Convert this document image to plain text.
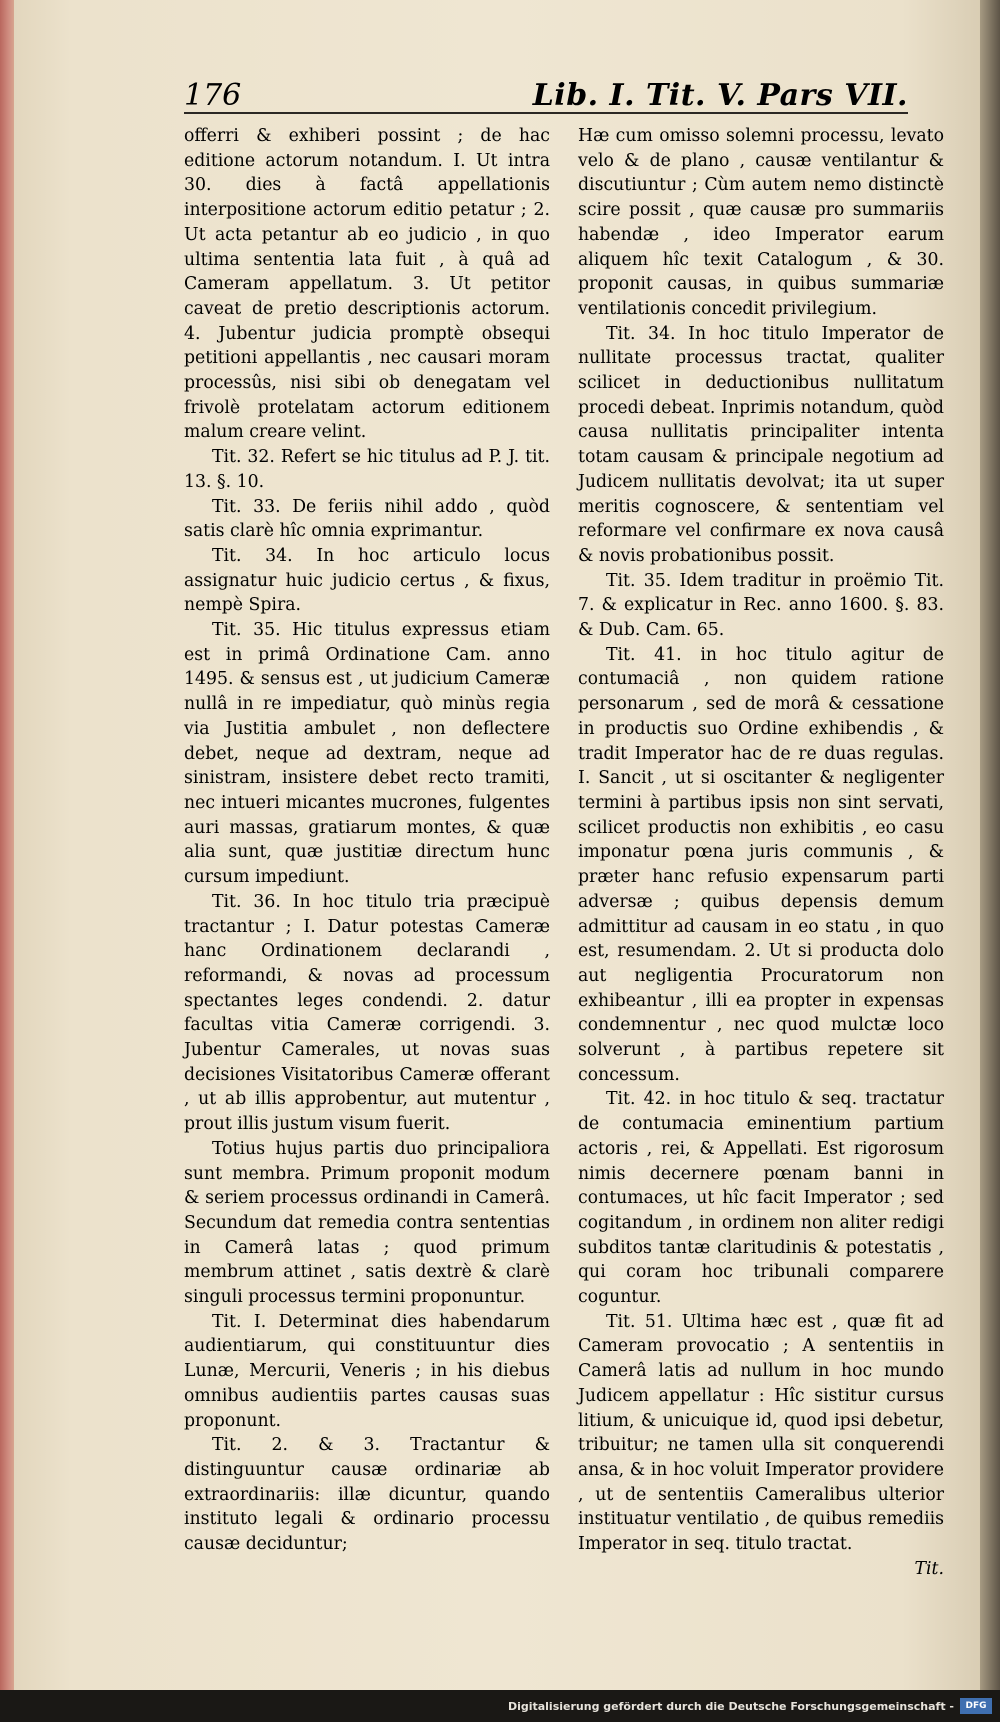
176	Lib. I. Tit. V. Pars VII.

offerri & exhiberi possint ; de hac editione actorum notandum. I. Ut intra 30. dies à factâ appellationis interpositione actorum editio petatur ; 2. Ut acta petantur ab eo judicio , in quo ultima sententia lata fuit , à quâ ad Cameram appellatum. 3. Ut petitor caveat de pretio descriptionis actorum. 4. Jubentur judicia promptè obsequi petitioni appellantis , nec causari moram processûs, nisi sibi ob denegatam vel frivolè protelatam actorum editionem malum creare velint.

Tit. 32. Refert se hic titulus ad P. J. tit. 13. §. 10.

Tit. 33. De feriis nihil addo , quòd satis clarè hîc omnia exprimantur.

Tit. 34. In hoc articulo locus assignatur huic judicio certus , & fixus, nempè Spira.

Tit. 35. Hic titulus expressus etiam est in primâ Ordinatione Cam. anno 1495. & sensus est , ut judicium Cameræ nullâ in re impediatur, quò minùs regia via Justitia ambulet , non deflectere debet, neque ad dextram, neque ad sinistram, insistere debet recto tramiti, nec intueri micantes mucrones, fulgentes auri massas, gratiarum montes, & quæ alia sunt, quæ justitiæ directum hunc cursum impediunt.

Tit. 36. In hoc titulo tria præcipuè tractantur ; I. Datur potestas Cameræ hanc Ordinationem declarandi , reformandi, & novas ad processum spectantes leges condendi. 2. datur facultas vitia Cameræ corrigendi. 3. Jubentur Camerales, ut novas suas decisiones Visitatoribus Cameræ offerant , ut ab illis approbentur, aut mutentur , prout illis justum visum fuerit.

Totius hujus partis duo principaliora sunt membra. Primum proponit modum & seriem processus ordinandi in Camerâ. Secundum dat remedia contra sententias in Camerâ latas ; quod primum membrum attinet , satis dextrè & clarè singuli processus termini proponuntur.

Tit. I. Determinat dies habendarum audientiarum, qui constituuntur dies Lunæ, Mercurii, Veneris ; in his diebus omnibus audientiis partes causas suas proponunt.

Tit. 2. & 3. Tractantur & distinguuntur causæ ordinariæ ab extraordinariis: illæ dicuntur, quando instituto legali & ordinario processu causæ deciduntur;

Hæ cum omisso solemni processu, levato velo & de plano , causæ ventilantur & discutiuntur ; Cùm autem nemo distinctè scire possit , quæ causæ pro summariis habendæ , ideo Imperator earum aliquem hîc texit Catalogum , & 30. proponit causas, in quibus summariæ ventilationis concedit privilegium.

Tit. 34. In hoc titulo Imperator de nullitate processus tractat, qualiter scilicet in deductionibus nullitatum procedi debeat. Inprimis notandum, quòd causa nullitatis principaliter intenta totam causam & principale negotium ad Judicem nullitatis devolvat; ita ut super meritis cognoscere, & sententiam vel reformare vel confirmare ex nova causâ & novis probationibus possit.

Tit. 35. Idem traditur in proëmio Tit. 7. & explicatur in Rec. anno 1600. §. 83. & Dub. Cam. 65.

Tit. 41. in hoc titulo agitur de contumaciâ , non quidem ratione personarum , sed de morâ & cessatione in productis suo Ordine exhibendis , & tradit Imperator hac de re duas regulas. I. Sancit , ut si oscitanter & negligenter termini à partibus ipsis non sint servati, scilicet productis non exhibitis , eo casu imponatur pœna juris communis , & præter hanc refusio expensarum parti adversæ ; quibus depensis demum admittitur ad causam in eo statu , in quo est, resumendam. 2. Ut si producta dolo aut negligentia Procuratorum non exhibeantur , illi ea propter in expensas condemnentur , nec quod mulctæ loco solverunt , à partibus repetere sit concessum.

Tit. 42. in hoc titulo & seq. tractatur de contumacia eminentium partium actoris , rei, & Appellati. Est rigorosum nimis decernere pœnam banni in contumaces, ut hîc facit Imperator ; sed cogitandum , in ordinem non aliter redigi subditos tantæ claritudinis & potestatis , qui coram hoc tribunali comparere coguntur.

Tit. 51. Ultima hæc est , quæ fit ad Cameram provocatio ; A sententiis in Camerâ latis ad nullum in hoc mundo Judicem appellatur : Hîc sistitur cursus litium, & unicuique id, quod ipsi debetur, tribuitur; ne tamen ulla sit conquerendi ansa, & in hoc voluit Imperator providere , ut de sententiis Cameralibus ulterior instituatur ventilatio , de quibus remediis Imperator in seq. titulo tractat.

Tit.

Digitalisierung gefördert durch die Deutsche Forschungsgemeinschaft -	DFG
